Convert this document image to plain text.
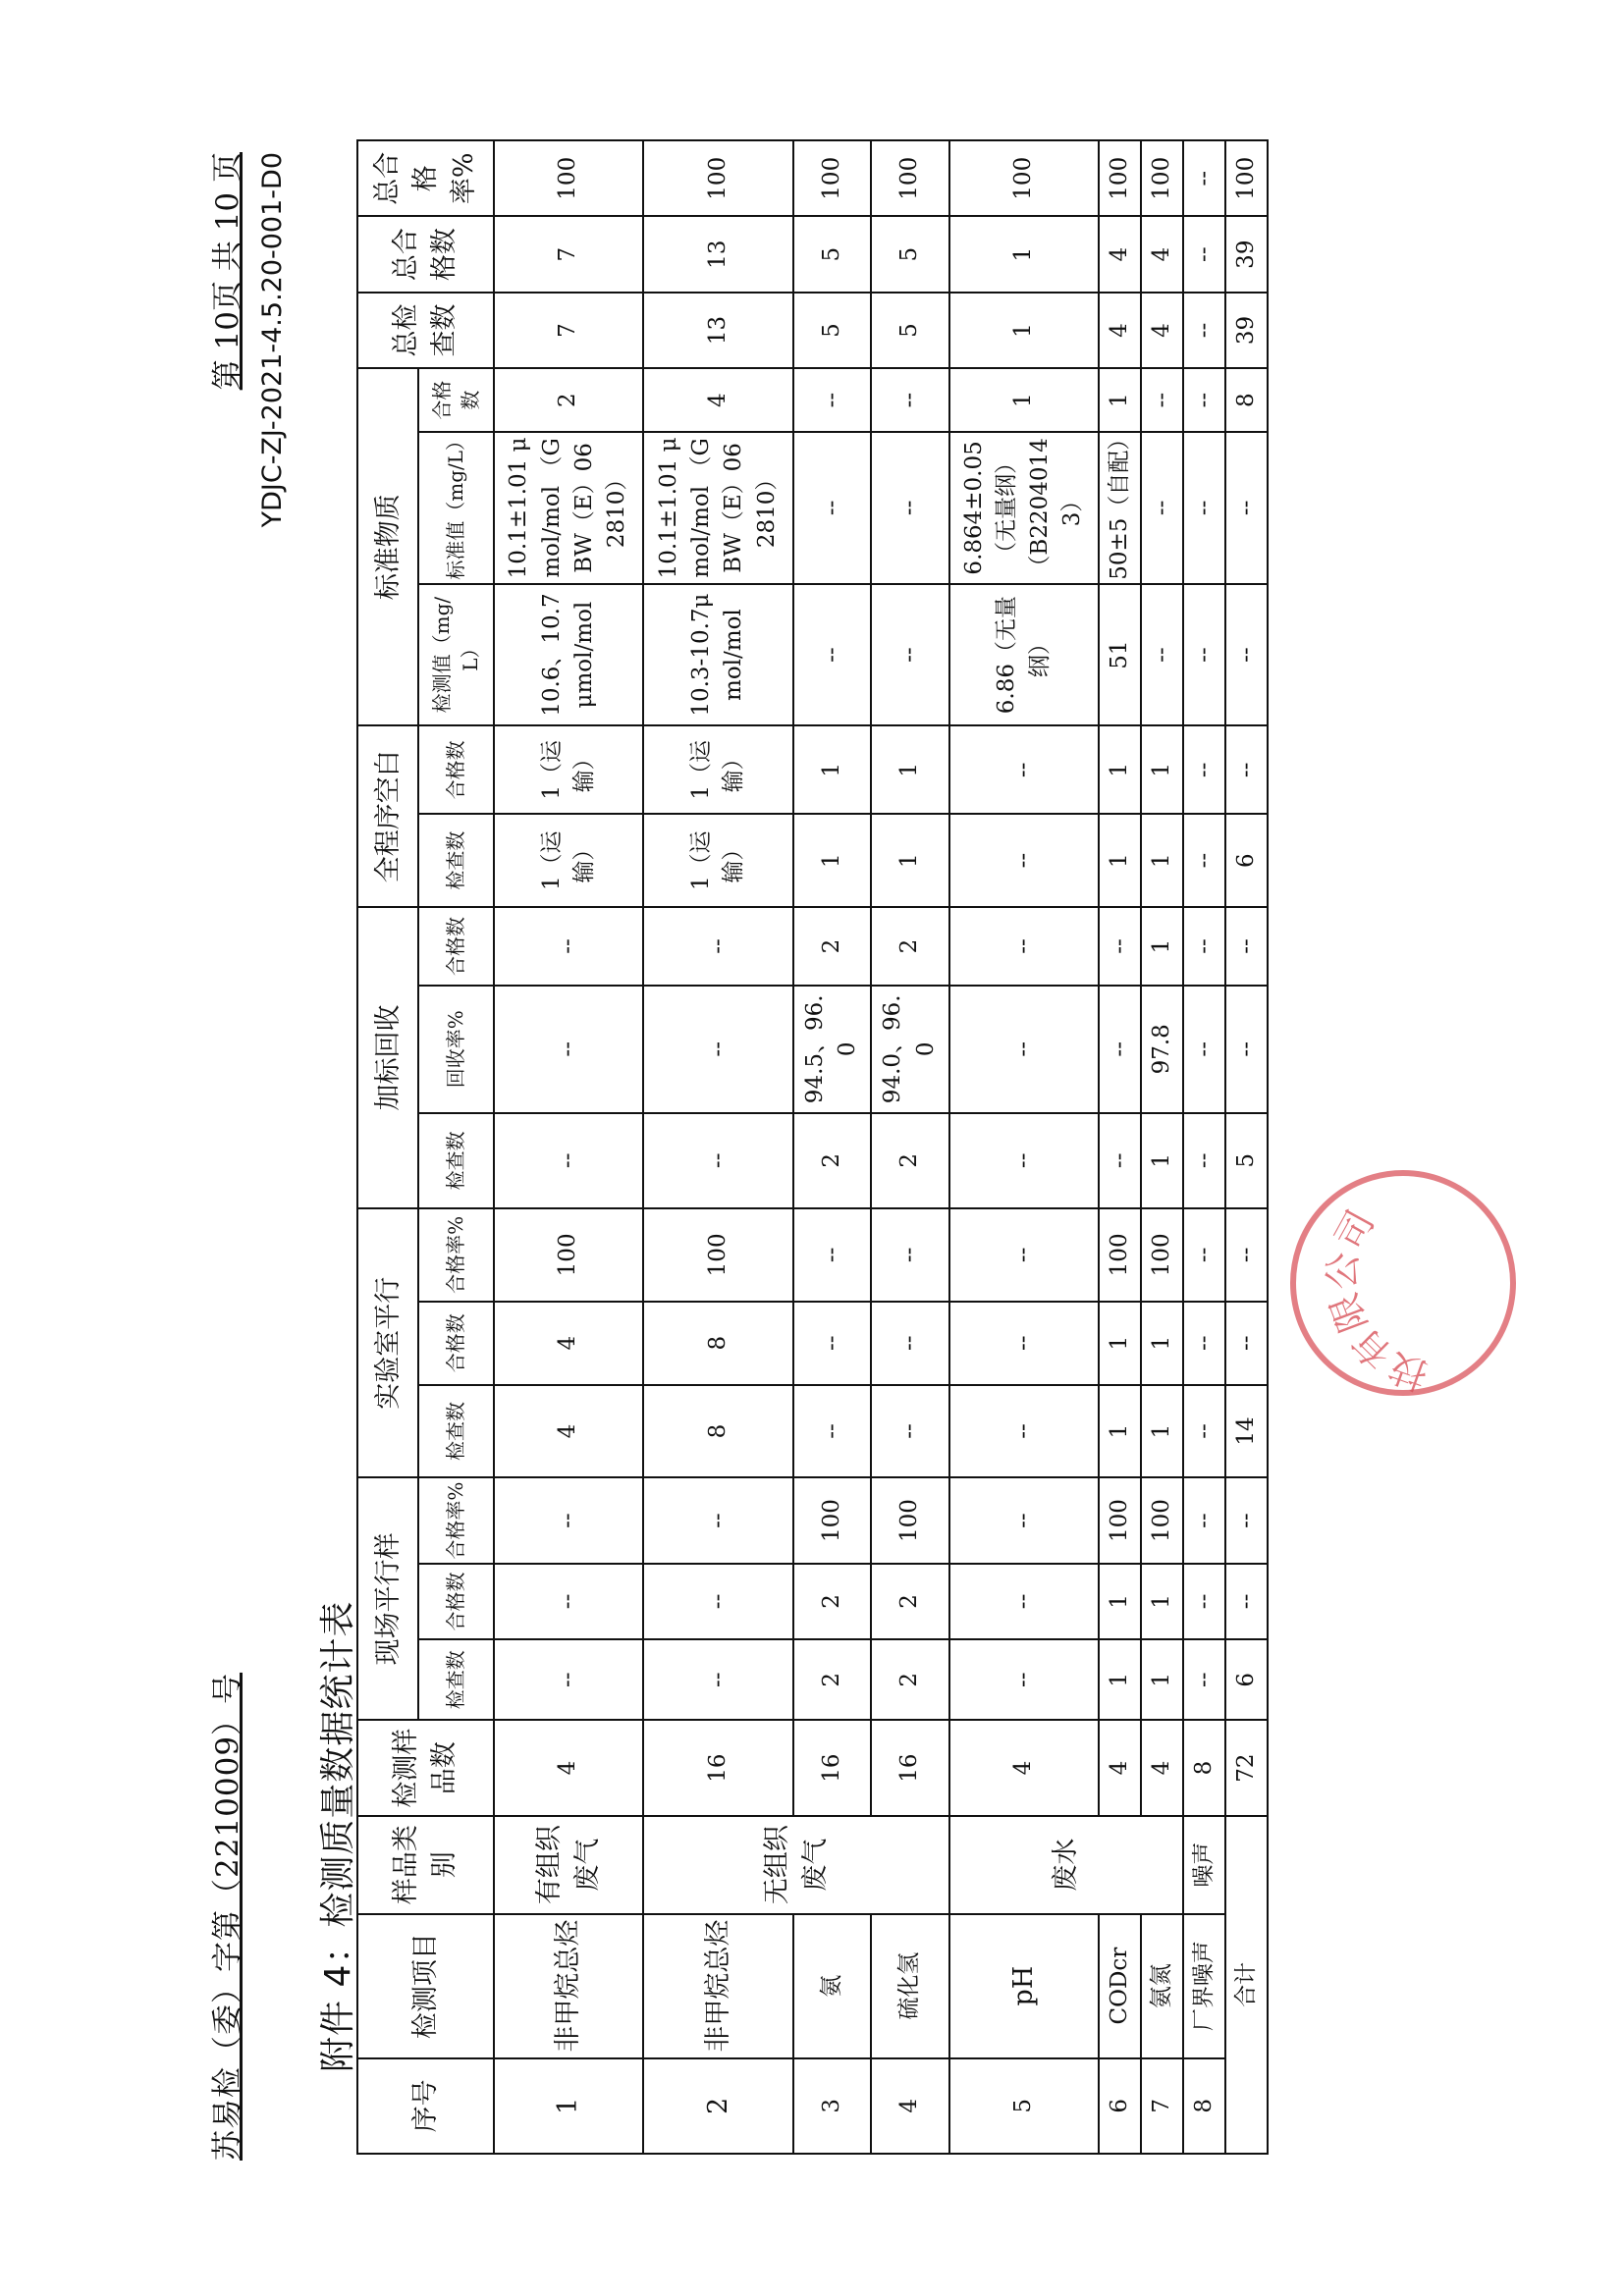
苏易检（委）字第（2210009）号
第 10页 共 10 页 YDJC-ZJ-2021-4.5.20-001-D0
附件 4：检测质量数据统计表
序号	检测项目	样品类别	检测样品数	现场平行样			实验室平行			加标回收			全程序空白		标准物质			总检查数	总合格数	总合格率%
				检查数	合格数	合格率%	检查数	合格数	合格率%	检查数	回收率%	合格数	检查数	合格数	检测值（mg/L）	标准值（mg/L）	合格数			
1	非甲烷总烃	有组织废气	4	--	--	--	4	4	100	--	--	--	1（运输）	1（运输）	10.6、10.7μmol/mol	10.1±1.01 μmol/mol （GBW（E）062810）	2	7	7	100
2	非甲烷总烃	无组织废气	16	--	--	--	8	8	100	--	--	--	1（运输）	1（运输）	10.3-10.7μmol/mol	10.1±1.01 μmol/mol （GBW（E）062810）	4	13	13	100
3	氨		16	2	2	100	--	--	--	2	94.5、96.0	2	1	1	--	--	--	5	5	100
4	硫化氢		16	2	2	100	--	--	--	2	94.0、96.0	2	1	1	--	--	--	5	5	100
5	pH	废水	4	--	--	--	--	--	--	--	--	--	--	--	6.86（无量纲）	6.864±0.05 （无量纲） （B22040143）	1	1	1	100
6	CODcr		4	1	1	100	1	1	100	--	--	--	1	1	51	50±5（自配）	1	4	4	100
7	氨氮		4	1	1	100	1	1	100	1	97.8	1	1	1	--	--	--	4	4	100
8	厂界噪声	噪声	8	--	--	--	--	--	--	--	--	--	--	--	--	--	--	--	--	--
合计			72	6	--	--	14	--	--	5	--	--	6	--	--	--	8	39	39	100
技有限公司
